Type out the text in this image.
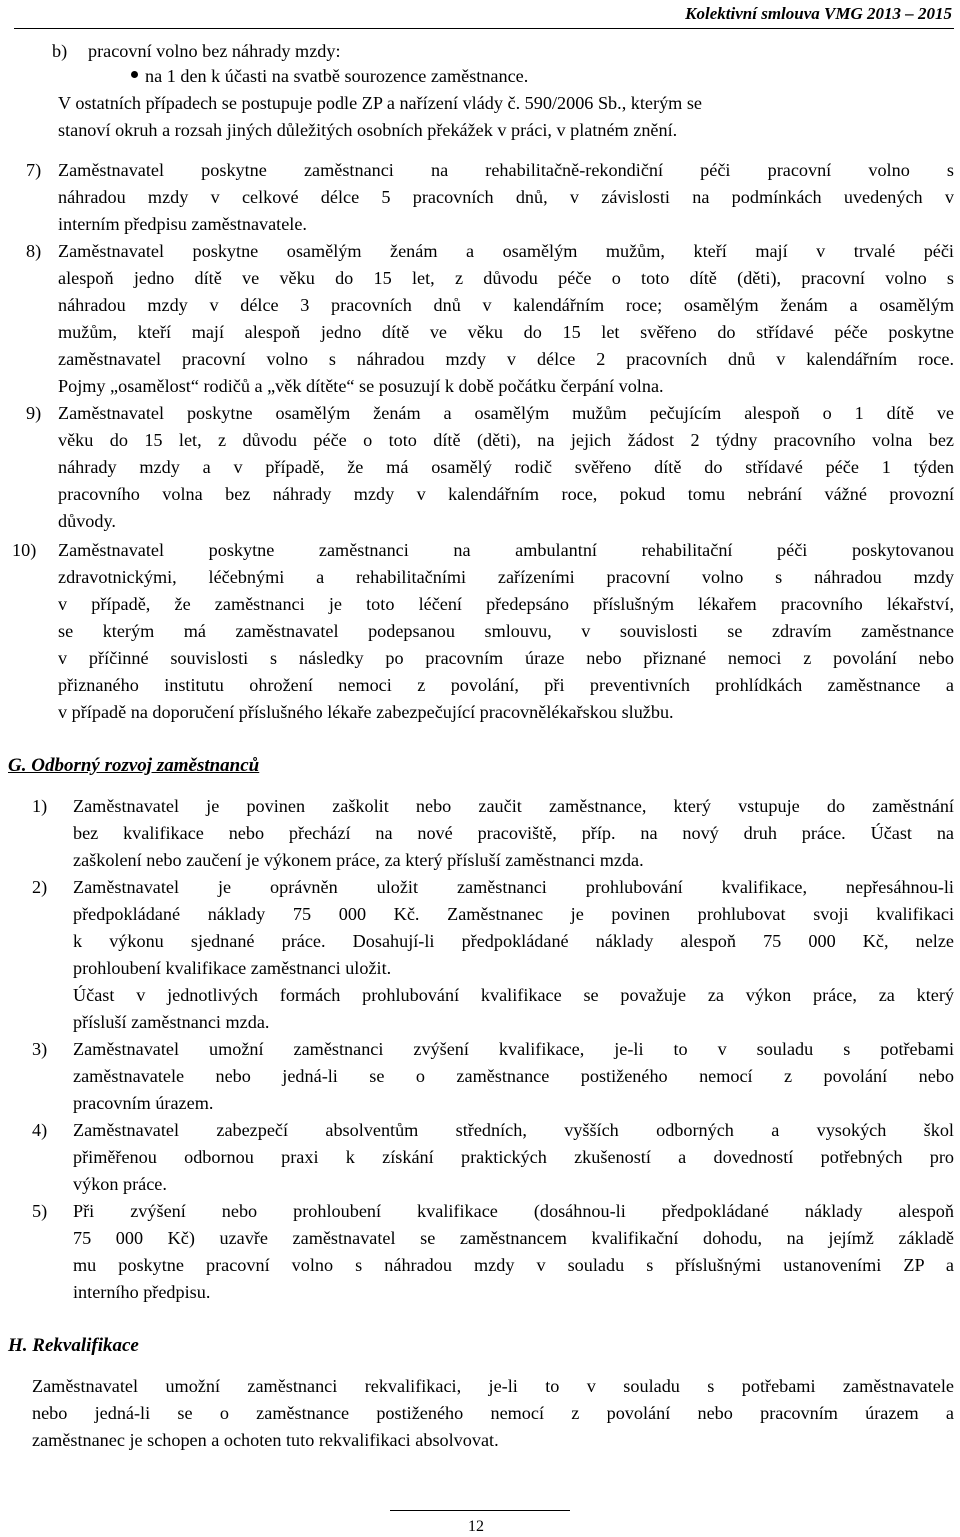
Kolektivní smlouva VMG 2013 – 2015
b) pracovní volno bez náhrady mzdy:
na 1 den k účasti na svatbě sourozence zaměstnance.
V ostatních případech se postupuje podle ZP a nařízení vlády č. 590/2006 Sb., kterým se
stanoví okruh a rozsah jiných důležitých osobních překážek v práci, v platném znění.
7) Zaměstnavatel poskytne zaměstnanci na rehabilitačně-rekondiční péči pracovní volno s
náhradou mzdy v celkové délce 5 pracovních dnů, v závislosti na podmínkách uvedených v
interním předpisu zaměstnavatele.
8) Zaměstnavatel poskytne osamělým ženám a osamělým mužům, kteří mají v trvalé péči
alespoň jedno dítě ve věku do 15 let, z důvodu péče o toto dítě (děti), pracovní volno s
náhradou mzdy v délce 3 pracovních dnů v kalendářním roce; osamělým ženám a osamělým
mužům, kteří mají alespoň jedno dítě ve věku do 15 let svěřeno do střídavé péče poskytne
zaměstnavatel pracovní volno s náhradou mzdy v délce 2 pracovních dnů v kalendářním roce.
Pojmy „osamělost“ rodičů a „věk dítěte“ se posuzují k době počátku čerpání volna.
9) Zaměstnavatel poskytne osamělým ženám a osamělým mužům pečujícím alespoň o 1 dítě ve
věku do 15 let, z důvodu péče o toto dítě (děti), na jejich žádost 2 týdny pracovního volna bez
náhrady mzdy a v případě, že má osamělý rodič svěřeno dítě do střídavé péče 1 týden
pracovního volna bez náhrady mzdy v kalendářním roce, pokud tomu nebrání vážné provozní
důvody.
10) Zaměstnavatel poskytne zaměstnanci na ambulantní rehabilitační péči poskytovanou
zdravotnickými, léčebnými a rehabilitačními zařízeními pracovní volno s náhradou mzdy
v případě, že zaměstnanci je toto léčení předepsáno příslušným lékařem pracovního lékařství,
se kterým má zaměstnavatel podepsanou smlouvu, v souvislosti se zdravím zaměstnance
v příčinné souvislosti s následky po pracovním úraze nebo přiznané nemoci z povolání nebo
přiznaného institutu ohrožení nemoci z povolání, při preventivních prohlídkách zaměstnance a
v případě na doporučení příslušného lékaře zabezpečující pracovnělékařskou službu.
G. Odborný rozvoj zaměstnanců
1) Zaměstnavatel je povinen zaškolit nebo zaučit zaměstnance, který vstupuje do zaměstnání
bez kvalifikace nebo přechází na nové pracoviště, příp. na nový druh práce. Účast na
zaškolení nebo zaučení je výkonem práce, za který přísluší zaměstnanci mzda.
2) Zaměstnavatel je oprávněn uložit zaměstnanci prohlubování kvalifikace, nepřesáhnou-li
předpokládané náklady 75 000 Kč. Zaměstnanec je povinen prohlubovat svoji kvalifikaci
k výkonu sjednané práce. Dosahují-li předpokládané náklady alespoň 75 000 Kč, nelze
prohloubení kvalifikace zaměstnanci uložit.
Účast v jednotlivých formách prohlubování kvalifikace se považuje za výkon práce, za který
přísluší zaměstnanci mzda.
3) Zaměstnavatel umožní zaměstnanci zvýšení kvalifikace, je-li to v souladu s potřebami
zaměstnavatele nebo jedná-li se o zaměstnance postiženého nemocí z povolání nebo
pracovním úrazem.
4) Zaměstnavatel zabezpečí absolventům středních, vyšších odborných a vysokých škol
přiměřenou odbornou praxi k získání praktických zkušeností a dovedností potřebných pro
výkon práce.
5) Při zvýšení nebo prohloubení kvalifikace (dosáhnou-li předpokládané náklady alespoň
75 000 Kč) uzavře zaměstnavatel se zaměstnancem kvalifikační dohodu, na jejímž základě
mu poskytne pracovní volno s náhradou mzdy v souladu s příslušnými ustanoveními ZP a
interního předpisu.
H. Rekvalifikace
Zaměstnavatel umožní zaměstnanci rekvalifikaci, je-li to v souladu s potřebami zaměstnavatele
nebo jedná-li se o zaměstnance postiženého nemocí z povolání nebo pracovním úrazem a
zaměstnanec je schopen a ochoten tuto rekvalifikaci absolvovat.
12
